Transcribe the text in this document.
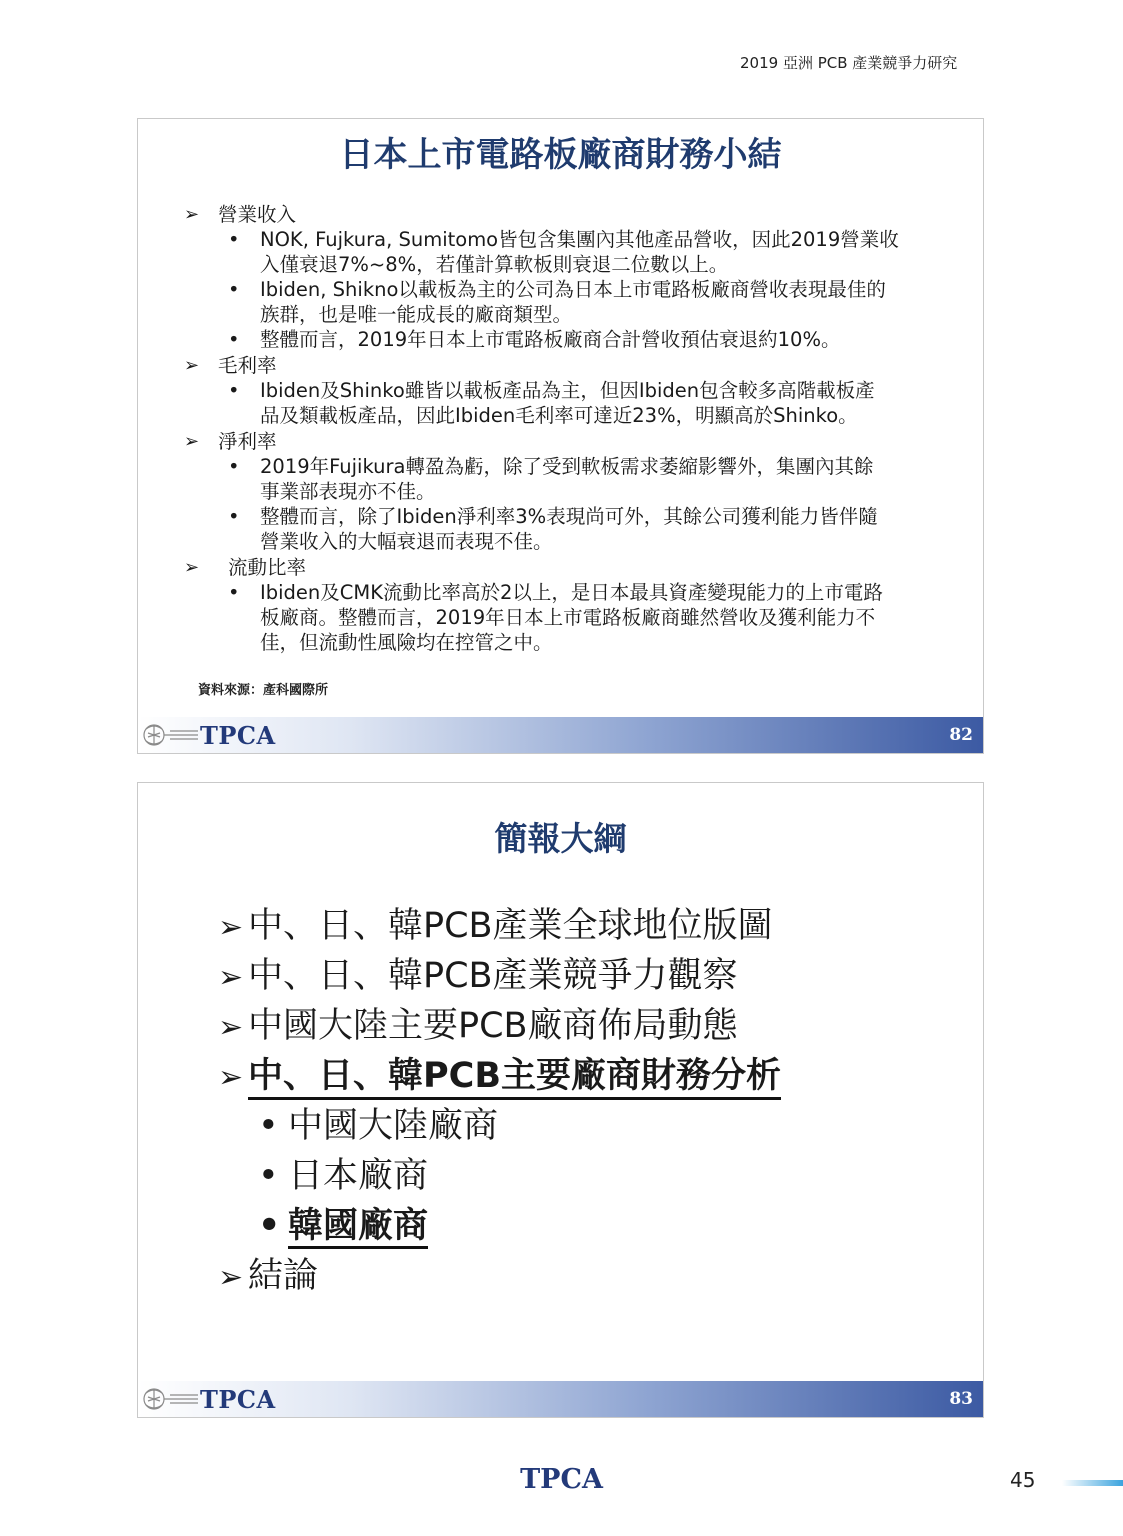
2019 亞洲 PCB 產業競爭力研究
日本上市電路板廠商財務小結
➢ 營業收入
• NOK, Fujkura, Sumitomo皆包含集團內其他產品營收，因此2019營業收
入僅衰退7%~8%，若僅計算軟板則衰退二位數以上。
• Ibiden, Shikno以載板為主的公司為日本上市電路板廠商營收表現最佳的
族群，也是唯一能成長的廠商類型。
• 整體而言，2019年日本上市電路板廠商合計營收預估衰退約10%。
➢ 毛利率
• Ibiden及Shinko雖皆以載板產品為主，但因Ibiden包含較多高階載板產
品及類載板產品，因此Ibiden毛利率可達近23%，明顯高於Shinko。
➢ 淨利率
• 2019年Fujikura轉盈為虧，除了受到軟板需求萎縮影響外，集團內其餘
事業部表現亦不佳。
• 整體而言，除了Ibiden淨利率3%表現尚可外，其餘公司獲利能力皆伴隨
營業收入的大幅衰退而表現不佳。
➢	流動比率
• Ibiden及CMK流動比率高於2以上，是日本最具資產變現能力的上市電路
板廠商。整體而言，2019年日本上市電路板廠商雖然營收及獲利能力不
佳，但流動性風險均在控管之中。
資料來源：產科國際所
TPCA	82
簡報大綱
➢ 中、日、韓PCB產業全球地位版圖
➢ 中、日、韓PCB產業競爭力觀察
➢ 中國大陸主要PCB廠商佈局動態
➢ 中、日、韓PCB主要廠商財務分析
• 中國大陸廠商
• 日本廠商
• 韓國廠商
➢ 結論
TPCA	83
TPCA	45
